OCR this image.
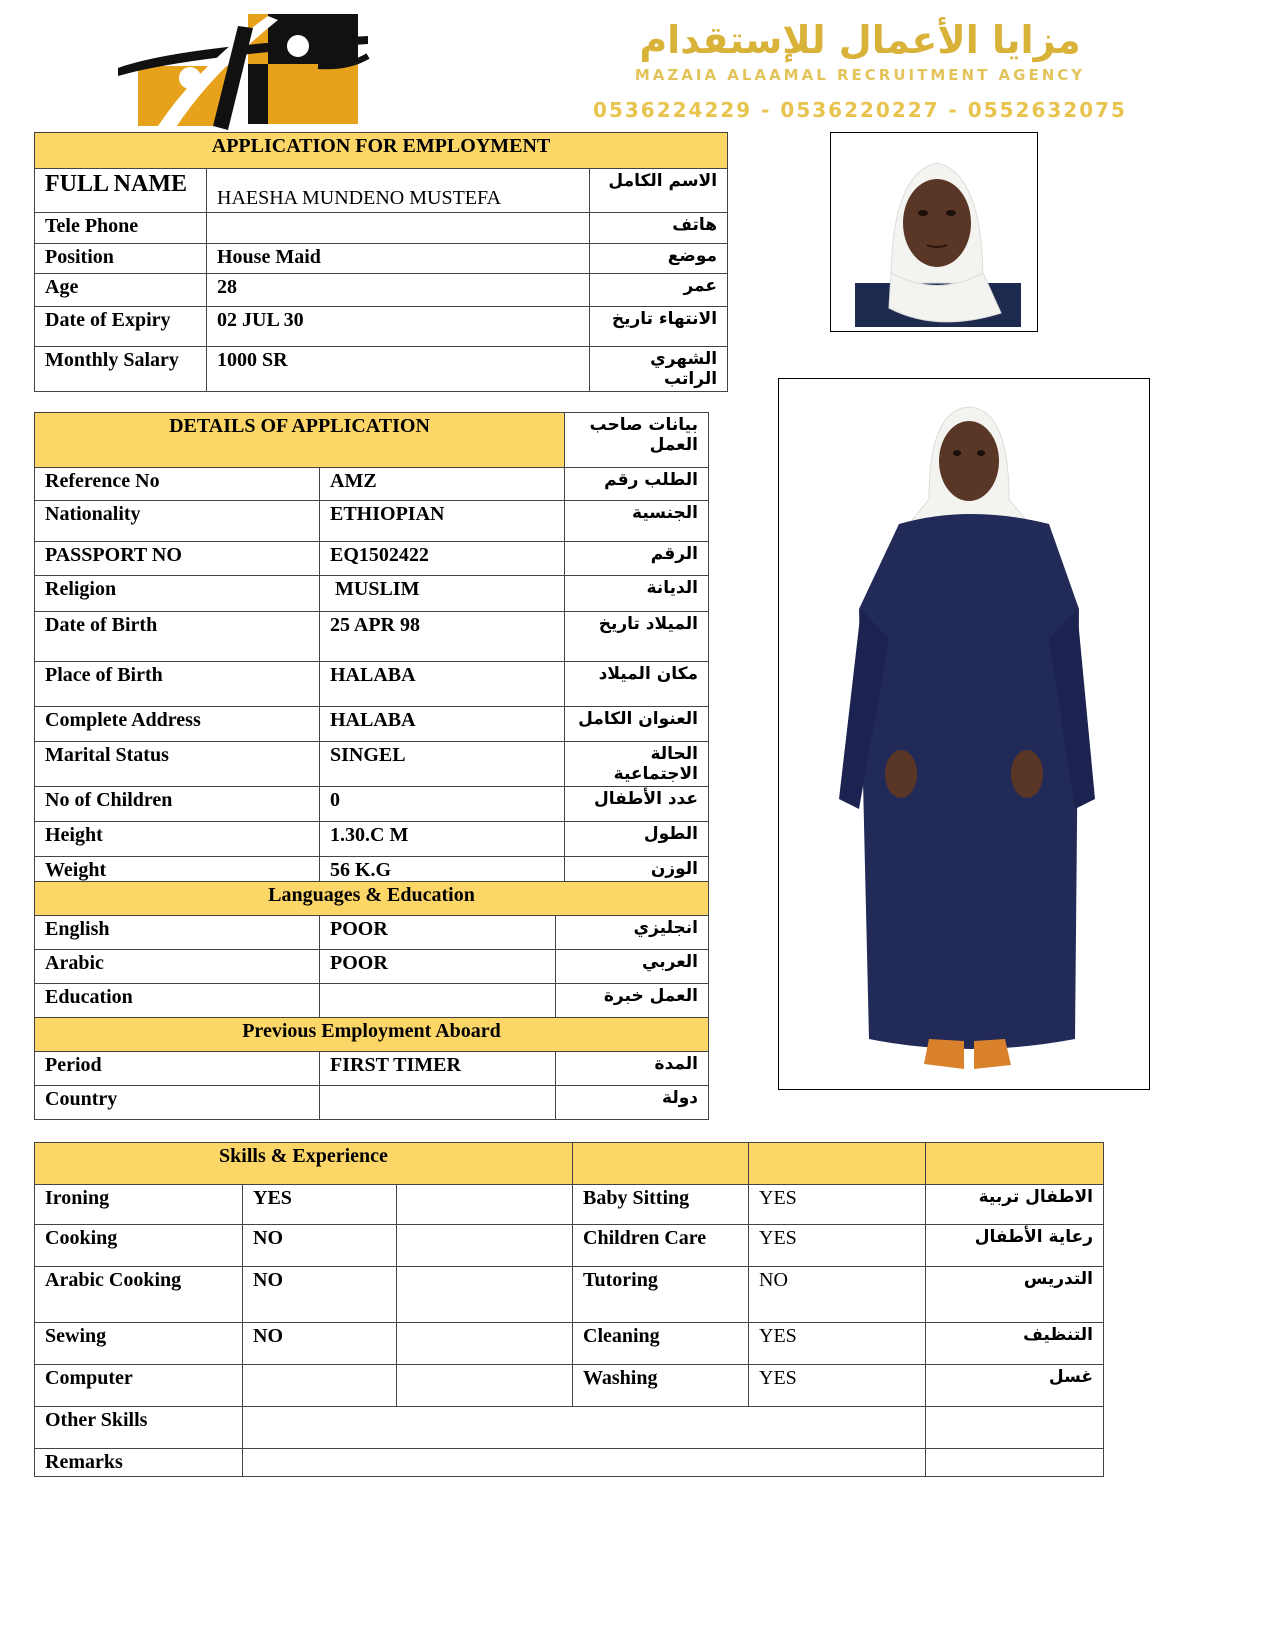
مزايا الأعمال للإستقدام
MAZAIA ALAAMAL RECRUITMENT AGENCY
0536224229 - 0536220227 - 0552632075
APPLICATION FOR EMPLOYMENT		
FULL NAME	HAESHA MUNDENO MUSTEFA	الاسم الكامل
Tele Phone		هاتف
Position	House Maid	موضع
Age	28	عمر
Date of Expiry	02 JUL 30	الانتهاء تاريخ
Monthly Salary	1000 SR	الشهري الراتب
DETAILS OF APPLICATION		بيانات صاحب العمل
Reference No	AMZ	الطلب رقم
Nationality	ETHIOPIAN	الجنسية
PASSPORT NO	EQ1502422	الرقم
Religion	MUSLIM	الديانة
Date of Birth	25 APR 98	الميلاد تاريخ
Place of Birth	HALABA	مكان الميلاد
Complete Address	HALABA	العنوان الكامل
Marital Status	SINGEL	الحالة الاجتماعية
No of Children	0	عدد الأطفال
Height	1.30.C M	الطول
Weight	56 K.G	الوزن
Languages & Education		
English	POOR	انجليزي
Arabic	POOR	العربي
Education		العمل خبرة
Previous Employment Aboard		
Period	FIRST TIMER	المدة
Country		دولة
Skills & Experience					
Ironing	YES		Baby Sitting	YES	الاطفال تربية
Cooking	NO		Children Care	YES	رعاية الأطفال
Arabic Cooking	NO		Tutoring	NO	التدريس
Sewing	NO		Cleaning	YES	التنظيف
Computer			Washing	YES	غسل
Other Skills					
Remarks					
